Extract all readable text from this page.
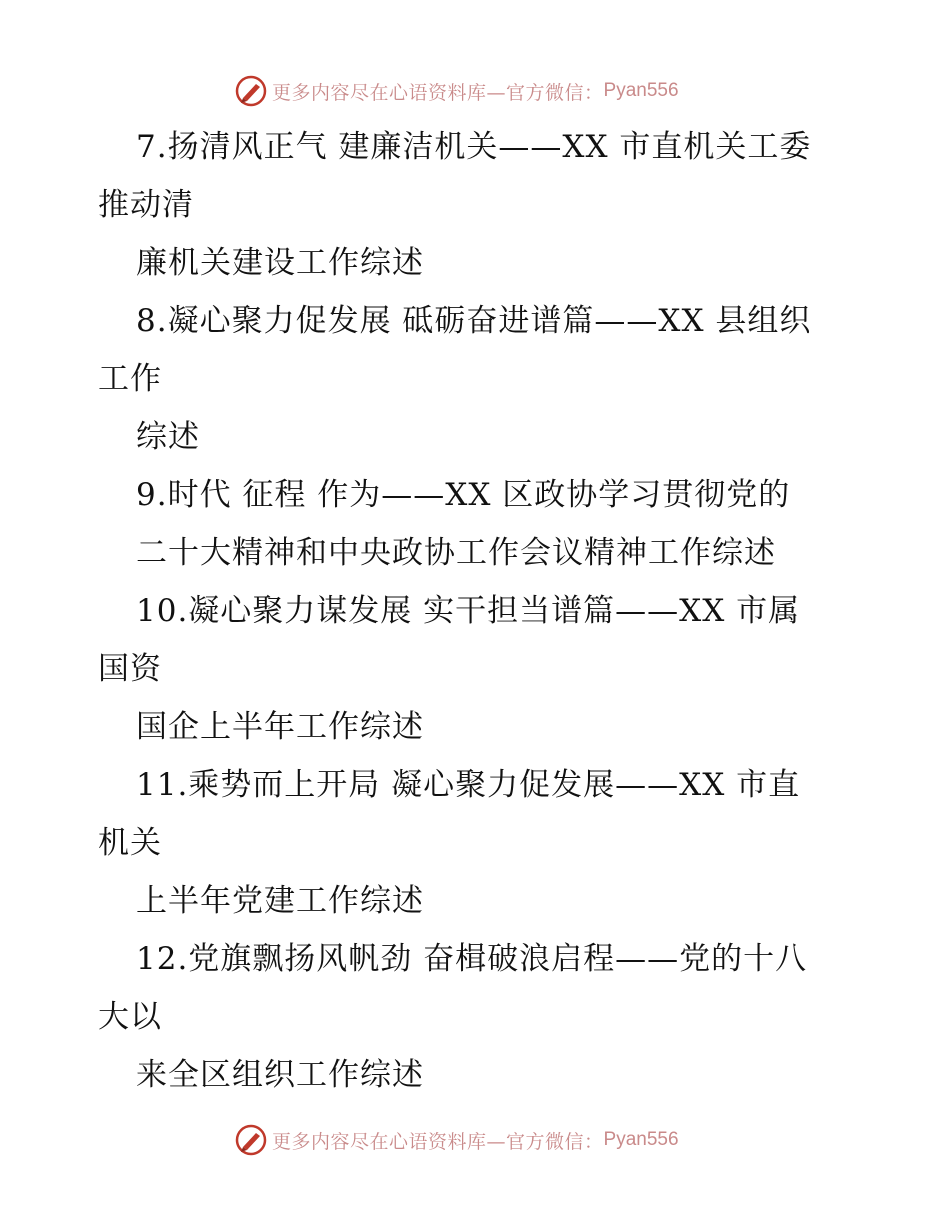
更多内容尽在心语资料库—官方微信： Pyan556
7.扬清风正气 建廉洁机关——XX 市直机关工委
推动清
廉机关建设工作综述
8.凝心聚力促发展 砥砺奋进谱篇——XX 县组织
工作
综述
9.时代 征程 作为——XX 区政协学习贯彻党的
二十大精神和中央政协工作会议精神工作综述
10.凝心聚力谋发展 实干担当谱篇——XX 市属
国资
国企上半年工作综述
11.乘势而上开局 凝心聚力促发展——XX 市直
机关
上半年党建工作综述
12.党旗飘扬风帆劲 奋楫破浪启程——党的十八
大以
来全区组织工作综述
更多内容尽在心语资料库—官方微信： Pyan556
